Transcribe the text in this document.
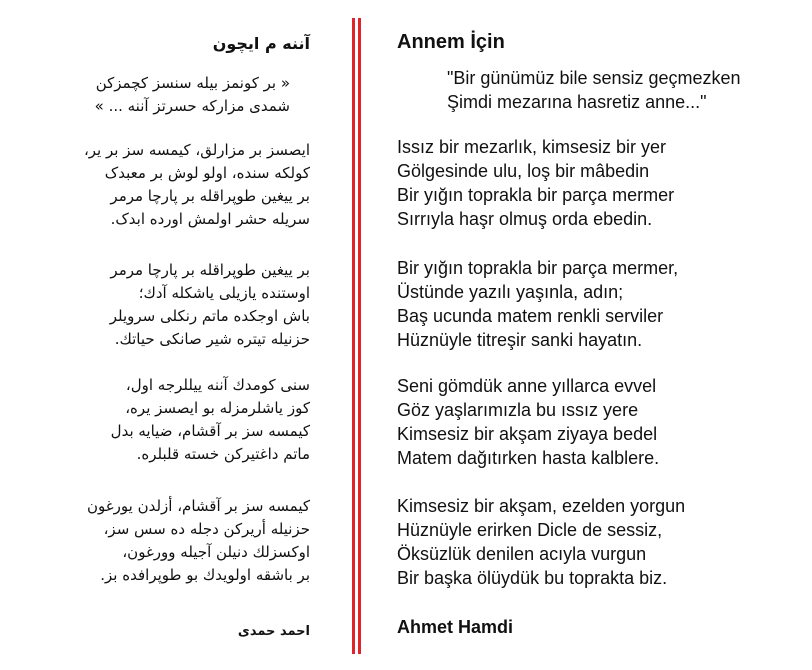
آننه م ایچون
« بر کونمز بیله سنسز کچمزکن
شمدی مزارکه حسرتز آننه ... »
ایصسز بر مزارلق، کیمسه سز بر یر،
کولکه سنده، اولو لوش بر معبدک
بر ییغین طوپراقله بر پارچا مرمر
سریله حشر اولمش اورده ابدک.
بر ییغین طوپراقله بر پارچا مرمر
اوستنده یازیلی یاشکله آدك؛
باش اوجکده ماتم رنکلی سرویلر
حزنیله تیتره شیر صانکی حیاتك.
سنی کومدك آننه ییللرجه اول،
کوز یاشلرمزله بو ایصسز یره،
کیمسه سز بر آقشام، ضیایه بدل
ماتم داغتیرکن خسته قلبلره.
کیمسه سز بر آقشام، أزلدن یورغون
حزنیله أریرکن دجله ده سس سز،
اوکسزلك دنیلن آجیله وورغون،
بر باشقه اولویدك بو طوپرافده بز.
احمد حمدی
Annem İçin
"Bir günümüz bile sensiz geçmezken
Şimdi mezarına hasretiz anne..."
Issız bir mezarlık, kimsesiz bir yer
Gölgesinde ulu, loş bir mâbedin
Bir yığın toprakla bir parça mermer
Sırrıyla haşr olmuş orda ebedin.
Bir yığın toprakla bir parça mermer,
Üstünde yazılı yaşınla, adın;
Baş ucunda matem renkli serviler
Hüznüyle titreşir sanki hayatın.
Seni gömdük anne yıllarca evvel
Göz yaşlarımızla bu ıssız yere
Kimsesiz bir akşam ziyaya bedel
Matem dağıtırken hasta kalblere.
Kimsesiz bir akşam, ezelden yorgun
Hüznüyle erirken Dicle de sessiz,
Öksüzlük denilen acıyla vurgun
Bir başka ölüydük bu toprakta biz.
Ahmet Hamdi
